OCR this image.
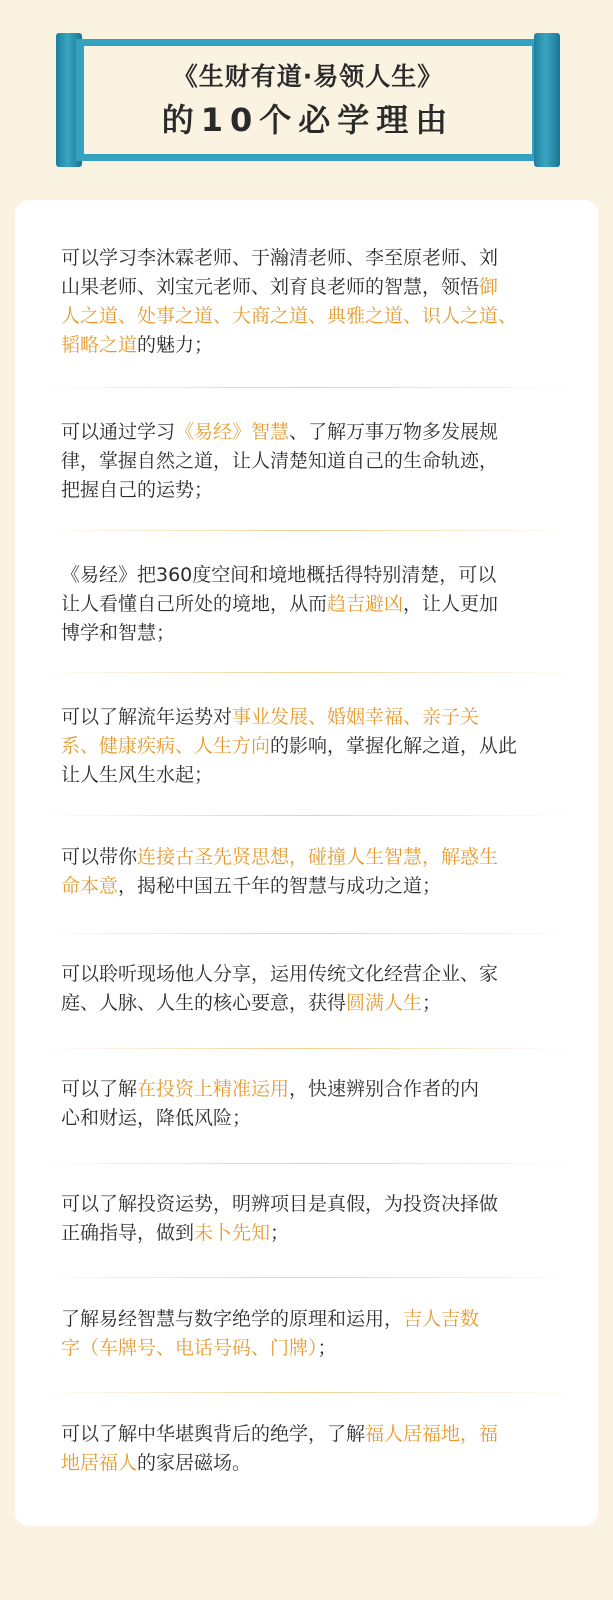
《生财有道·易领人生》
的10个必学理由
可以学习李沐霖老师、于瀚清老师、李至原老师、刘
山果老师、刘宝元老师、刘育良老师的智慧，领悟御
人之道、处事之道、大商之道、典雅之道、识人之道、
韬略之道的魅力；
可以通过学习《易经》智慧、了解万事万物多发展规
律，掌握自然之道，让人清楚知道自己的生命轨迹，
把握自己的运势；
《易经》把360度空间和境地概括得特别清楚，可以
让人看懂自己所处的境地，从而趋吉避凶，让人更加
博学和智慧；
可以了解流年运势对事业发展、婚姻幸福、亲子关
系、健康疾病、人生方向的影响，掌握化解之道，从此
让人生风生水起；
可以带你连接古圣先贤思想，碰撞人生智慧，解惑生
命本意，揭秘中国五千年的智慧与成功之道；
可以聆听现场他人分享，运用传统文化经营企业、家
庭、人脉、人生的核心要意，获得圆满人生；
可以了解在投资上精准运用，快速辨别合作者的内
心和财运，降低风险；
可以了解投资运势，明辨项目是真假，为投资决择做
正确指导，做到未卜先知；
了解易经智慧与数字绝学的原理和运用，吉人吉数
字（车牌号、电话号码、门牌）；
可以了解中华堪舆背后的绝学，了解福人居福地，福
地居福人的家居磁场。
